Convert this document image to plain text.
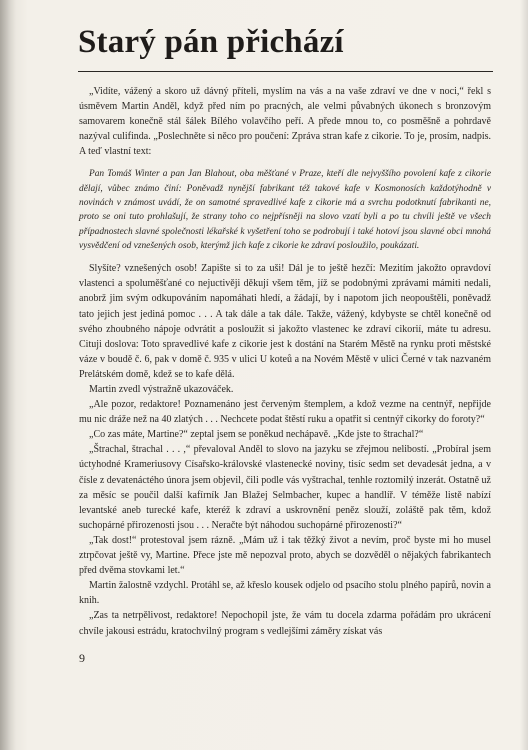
Starý pán přichází

„Vidíte, vážený a skoro už dávný příteli, myslím na vás a na vaše zdraví ve dne v noci,“ řekl s úsměvem Martin Anděl, když před ním po pracných, ale velmi půvabných úkonech s bronzovým samovarem konečně stál šálek Bílého volavčího peří. A přede mnou to, co posměšně a pohrdavě nazýval culifinda. „Poslechněte si něco pro poučení: Zpráva stran kafe z cikorie. To je, prosím, nadpis. A teď vlastní text:

Pan Tomáš Winter a pan Jan Blahout, oba měšťané v Praze, kteří dle nejvyššího povolení kafe z cikorie dělají, vůbec známo činí: Poněvadž nynější fabrikant též takové kafe v Kosmonosích každotýhodně v novinách v známost uvádí, že on samotné spravedlivé kafe z cikorie má a svrchu podotknutí fabrikanti ne, proto se oni tuto prohlašují, že strany toho co nejpřísněji na slovo vzatí byli a po tu chvíli ještě ve všech případnostech slavné společnosti lékařské k vyšetření toho se podrobují i také hotoví jsou slavné obci mnohá vysvědčení od vznešených osob, kterýmž jich kafe z cikorie ke zdraví posloužilo, poukázati.

Slyšíte? vznešených osob! Zapište si to za uši! Dál je to ještě hezčí: Mezitím jakožto opravdoví vlastenci a spoluměšťané co nejuctivěji děkují všem těm, jíž se podobnými zprávami mámiti nedali, anobrž jim svým odkupováním napomáhati hledí, a žádají, by i napotom jich neopouštěli, poněvadž tato jejich jest jediná pomoc . . . A tak dále a tak dále. Takže, vážený, kdybyste se chtěl konečně od svého zhoubného nápoje odvrátit a posloužit si jakožto vlastenec ke zdraví cikorií, máte tu adresu. Cituji doslova: Toto spravedlivé kafe z cikorie jest k dostání na Starém Městě na rynku proti městské váze v boudě č. 6, pak v domě č. 935 v ulici U koteů a na Novém Městě v ulici Černé v tak nazvaném Prelátském domě, kdež se to kafe dělá.

Martin zvedl výstražně ukazováček.

„Ale pozor, redaktore! Poznamenáno jest červeným štemplem, a kdož vezme na centnýř, nepřijde mu nic dráže než na 40 zlatých . . . Nechcete podat štěstí ruku a opatřit si centnýř cikorky do foroty?“

„Co zas máte, Martine?“ zeptal jsem se poněkud nechápavě. „Kde jste to štrachal?“

„Štrachal, štrachal . . . ,“ převaloval Anděl to slovo na jazyku se zřejmou nelibostí. „Probíral jsem úctyhodné Krameriusovy Císařsko-královské vlastenecké noviny, tisíc sedm set devadesát jedna, a v čísle z devatenáctého února jsem objevil, čili podle vás vyštrachal, tenhle roztomilý inzerát. Ostatně už za měsíc se poučil další kafírník Jan Blažej Selmbacher, kupec a handlíř. V téměže listě nabízí levantské aneb turecké kafe, kteréž k zdraví a uskrovnění peněz slouží, zoláště pak těm, kdož suchopárné přirozenosti jsou . . . Neračte být náhodou suchopárné přirozenosti?“

„Tak dost!“ protestoval jsem rázně. „Mám už i tak těžký život a nevím, proč byste mi ho musel ztrpčovat ještě vy, Martine. Přece jste mě nepozval proto, abych se dozvěděl o nějakých fabrikantech před dvěma stovkami let.“

Martin žalostně vzdychl. Protáhl se, až křeslo kousek odjelo od psacího stolu plného papírů, novin a knih.

„Zas ta netrpělivost, redaktore! Nepochopil jste, že vám tu docela zdarma pořádám pro ukrácení chvíle jakousi estrádu, kratochvilný program s vedlejšími záměry získat vás

9
